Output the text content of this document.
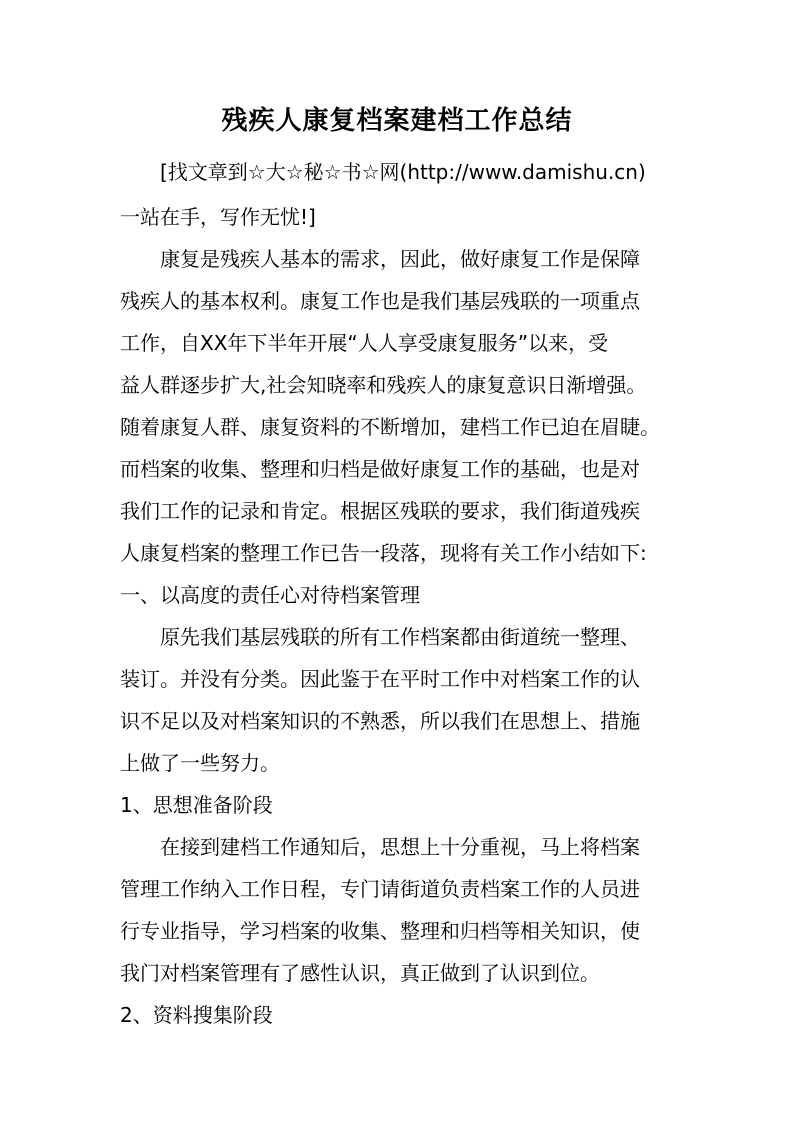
残疾人康复档案建档工作总结
[找文章到☆大☆秘☆书☆网(http://www.damishu.cn)
一站在手，写作无忧!]
康复是残疾人基本的需求，因此，做好康复工作是保障
残疾人的基本权利。康复工作也是我们基层残联的一项重点
工作，自XX年下半年开展“人人享受康复服务”以来，受
益人群逐步扩大,社会知晓率和残疾人的康复意识日渐增强。
随着康复人群、康复资料的不断增加，建档工作已迫在眉睫。
而档案的收集、整理和归档是做好康复工作的基础，也是对
我们工作的记录和肯定。根据区残联的要求，我们街道残疾
人康复档案的整理工作已告一段落，现将有关工作小结如下:
一、以高度的责任心对待档案管理
原先我们基层残联的所有工作档案都由街道统一整理、
装订。并没有分类。因此鉴于在平时工作中对档案工作的认
识不足以及对档案知识的不熟悉，所以我们在思想上、措施
上做了一些努力。
1、思想准备阶段
在接到建档工作通知后，思想上十分重视，马上将档案
管理工作纳入工作日程，专门请街道负责档案工作的人员进
行专业指导，学习档案的收集、整理和归档等相关知识，使
我门对档案管理有了感性认识，真正做到了认识到位。
2、资料搜集阶段
